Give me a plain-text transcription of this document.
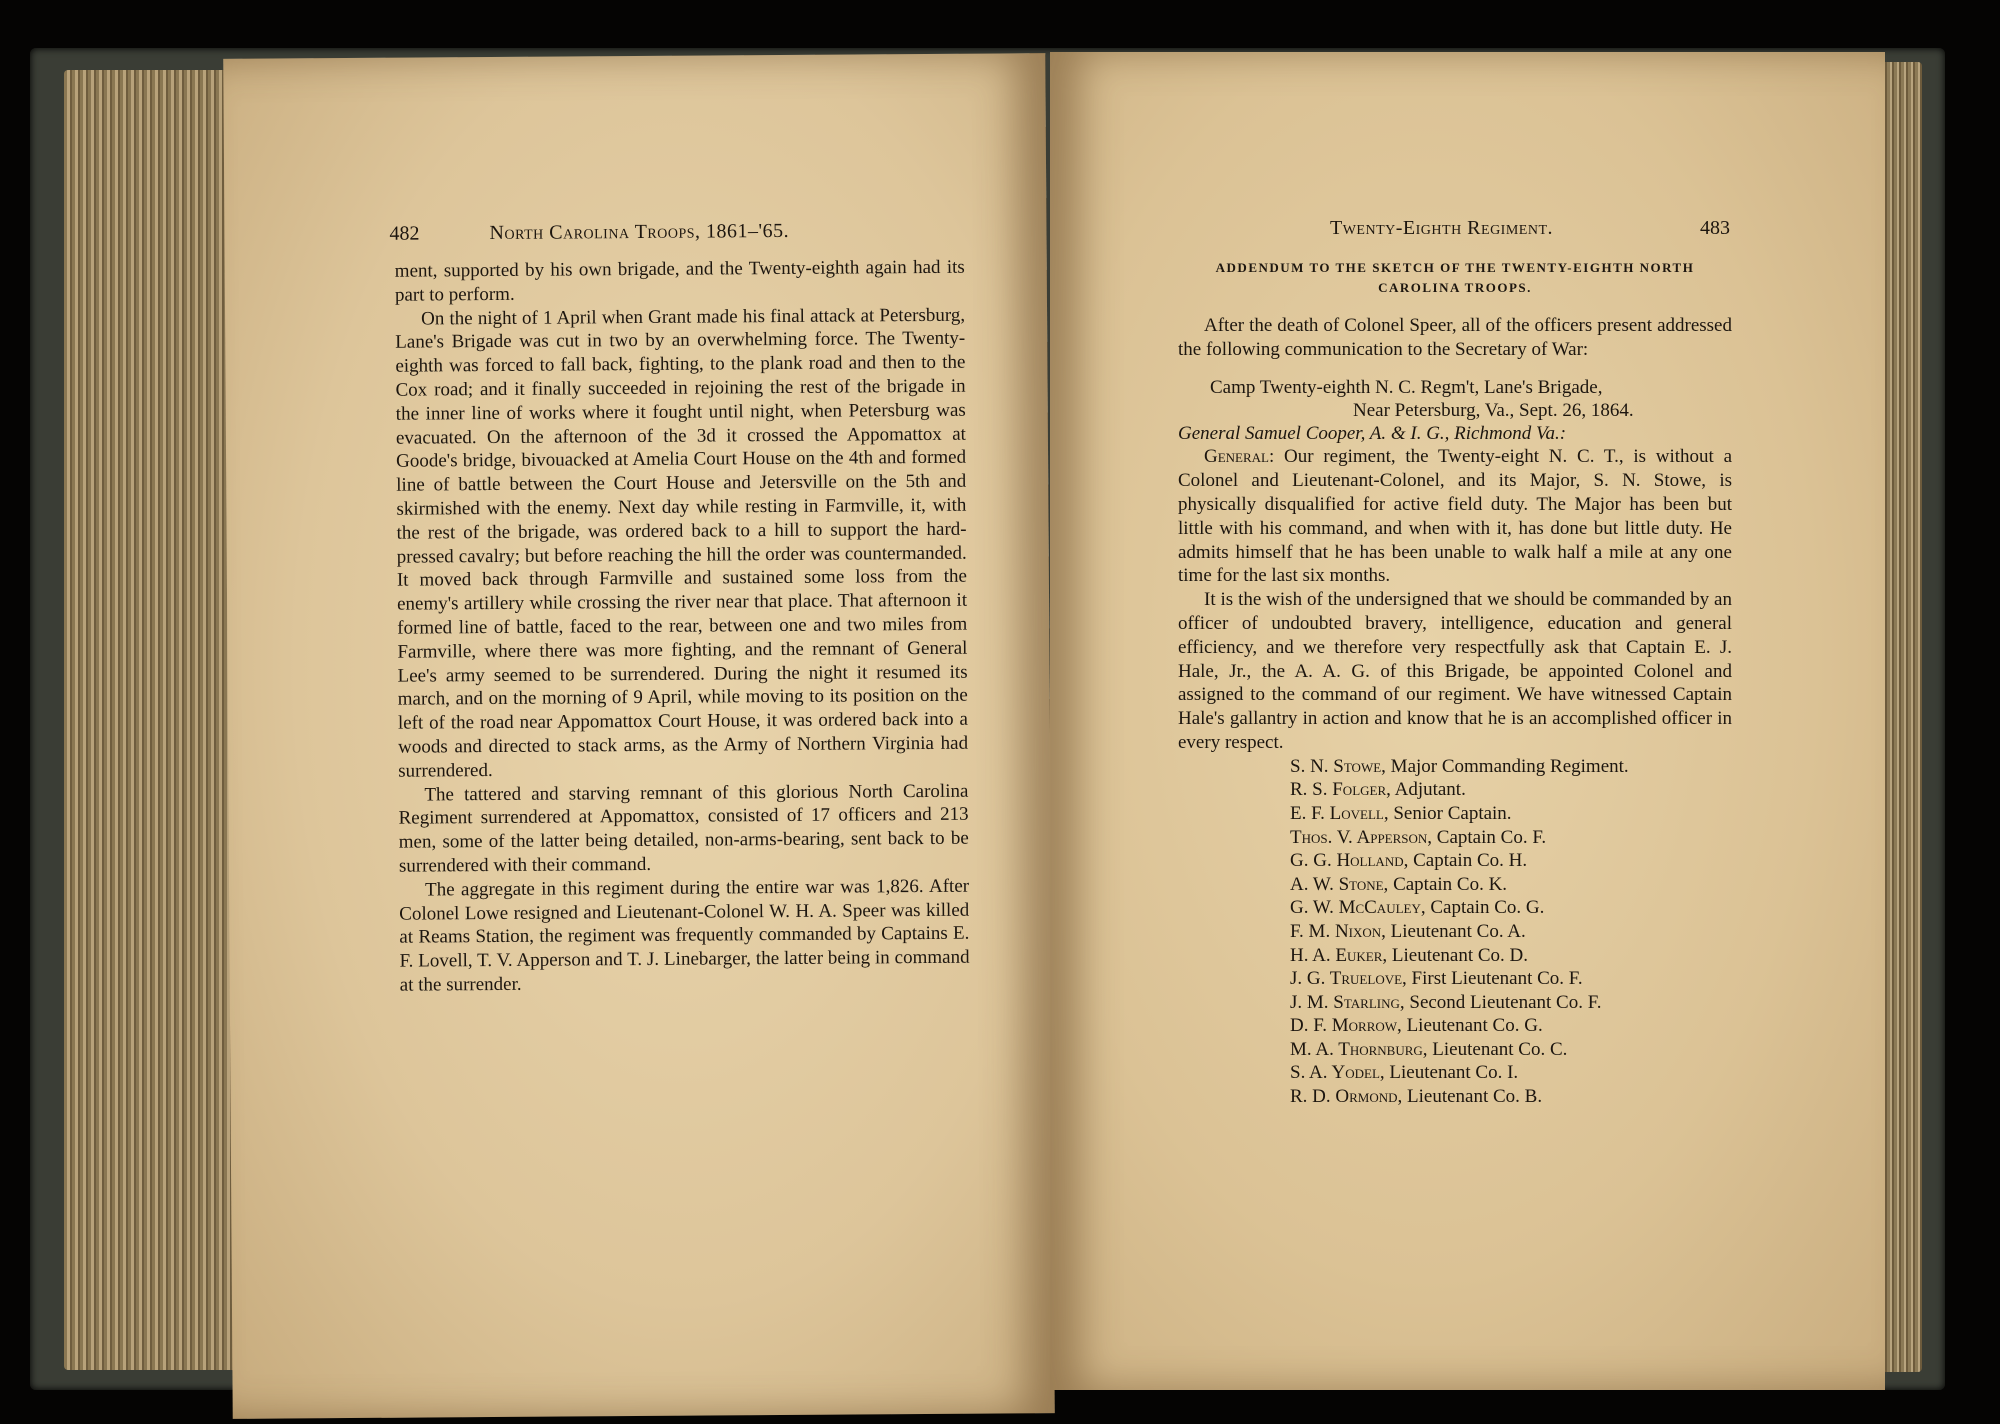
482	North Carolina Troops, 1861–'65.

ment, supported by his own brigade, and the Twenty-eighth again had its part to perform.

On the night of 1 April when Grant made his final attack at Petersburg, Lane's Brigade was cut in two by an overwhelming force. The Twenty-eighth was forced to fall back, fighting, to the plank road and then to the Cox road; and it finally succeeded in rejoining the rest of the brigade in the inner line of works where it fought until night, when Petersburg was evacuated. On the afternoon of the 3d it crossed the Appomattox at Goode's bridge, bivouacked at Amelia Court House on the 4th and formed line of battle between the Court House and Jetersville on the 5th and skirmished with the enemy. Next day while resting in Farmville, it, with the rest of the brigade, was ordered back to a hill to support the hard-pressed cavalry; but before reaching the hill the order was countermanded. It moved back through Farmville and sustained some loss from the enemy's artillery while crossing the river near that place. That afternoon it formed line of battle, faced to the rear, between one and two miles from Farmville, where there was more fighting, and the remnant of General Lee's army seemed to be surrendered. During the night it resumed its march, and on the morning of 9 April, while moving to its position on the left of the road near Appomattox Court House, it was ordered back into a woods and directed to stack arms, as the Army of Northern Virginia had surrendered.

The tattered and starving remnant of this glorious North Carolina Regiment surrendered at Appomattox, consisted of 17 officers and 213 men, some of the latter being detailed, non-arms-bearing, sent back to be surrendered with their command.

The aggregate in this regiment during the entire war was 1,826. After Colonel Lowe resigned and Lieutenant-Colonel W. H. A. Speer was killed at Reams Station, the regiment was frequently commanded by Captains E. F. Lovell, T. V. Apperson and T. J. Linebarger, the latter being in command at the surrender.

Twenty-Eighth Regiment.	483
ADDENDUM TO THE SKETCH OF THE TWENTY-EIGHTH NORTH CAROLINA TROOPS.

After the death of Colonel Speer, all of the officers present addressed the following communication to the Secretary of War:

Camp Twenty-eighth N. C. Regm't, Lane's Brigade,
Near Petersburg, Va., Sept. 26, 1864.

General Samuel Cooper, A. & I. G., Richmond Va.:

General: Our regiment, the Twenty-eight N. C. T., is without a Colonel and Lieutenant-Colonel, and its Major, S. N. Stowe, is physically disqualified for active field duty. The Major has been but little with his command, and when with it, has done but little duty. He admits himself that he has been unable to walk half a mile at any one time for the last six months.

It is the wish of the undersigned that we should be commanded by an officer of undoubted bravery, intelligence, education and general efficiency, and we therefore very respectfully ask that Captain E. J. Hale, Jr., the A. A. G. of this Brigade, be appointed Colonel and assigned to the command of our regiment. We have witnessed Captain Hale's gallantry in action and know that he is an accomplished officer in every respect.

S. N. Stowe, Major Commanding Regiment.
R. S. Folger, Adjutant.
E. F. Lovell, Senior Captain.
Thos. V. Apperson, Captain Co. F.
G. G. Holland, Captain Co. H.
A. W. Stone, Captain Co. K.
G. W. McCauley, Captain Co. G.
F. M. Nixon, Lieutenant Co. A.
H. A. Euker, Lieutenant Co. D.
J. G. Truelove, First Lieutenant Co. F.
J. M. Starling, Second Lieutenant Co. F.
D. F. Morrow, Lieutenant Co. G.
M. A. Thornburg, Lieutenant Co. C.
S. A. Yodel, Lieutenant Co. I.
R. D. Ormond, Lieutenant Co. B.
